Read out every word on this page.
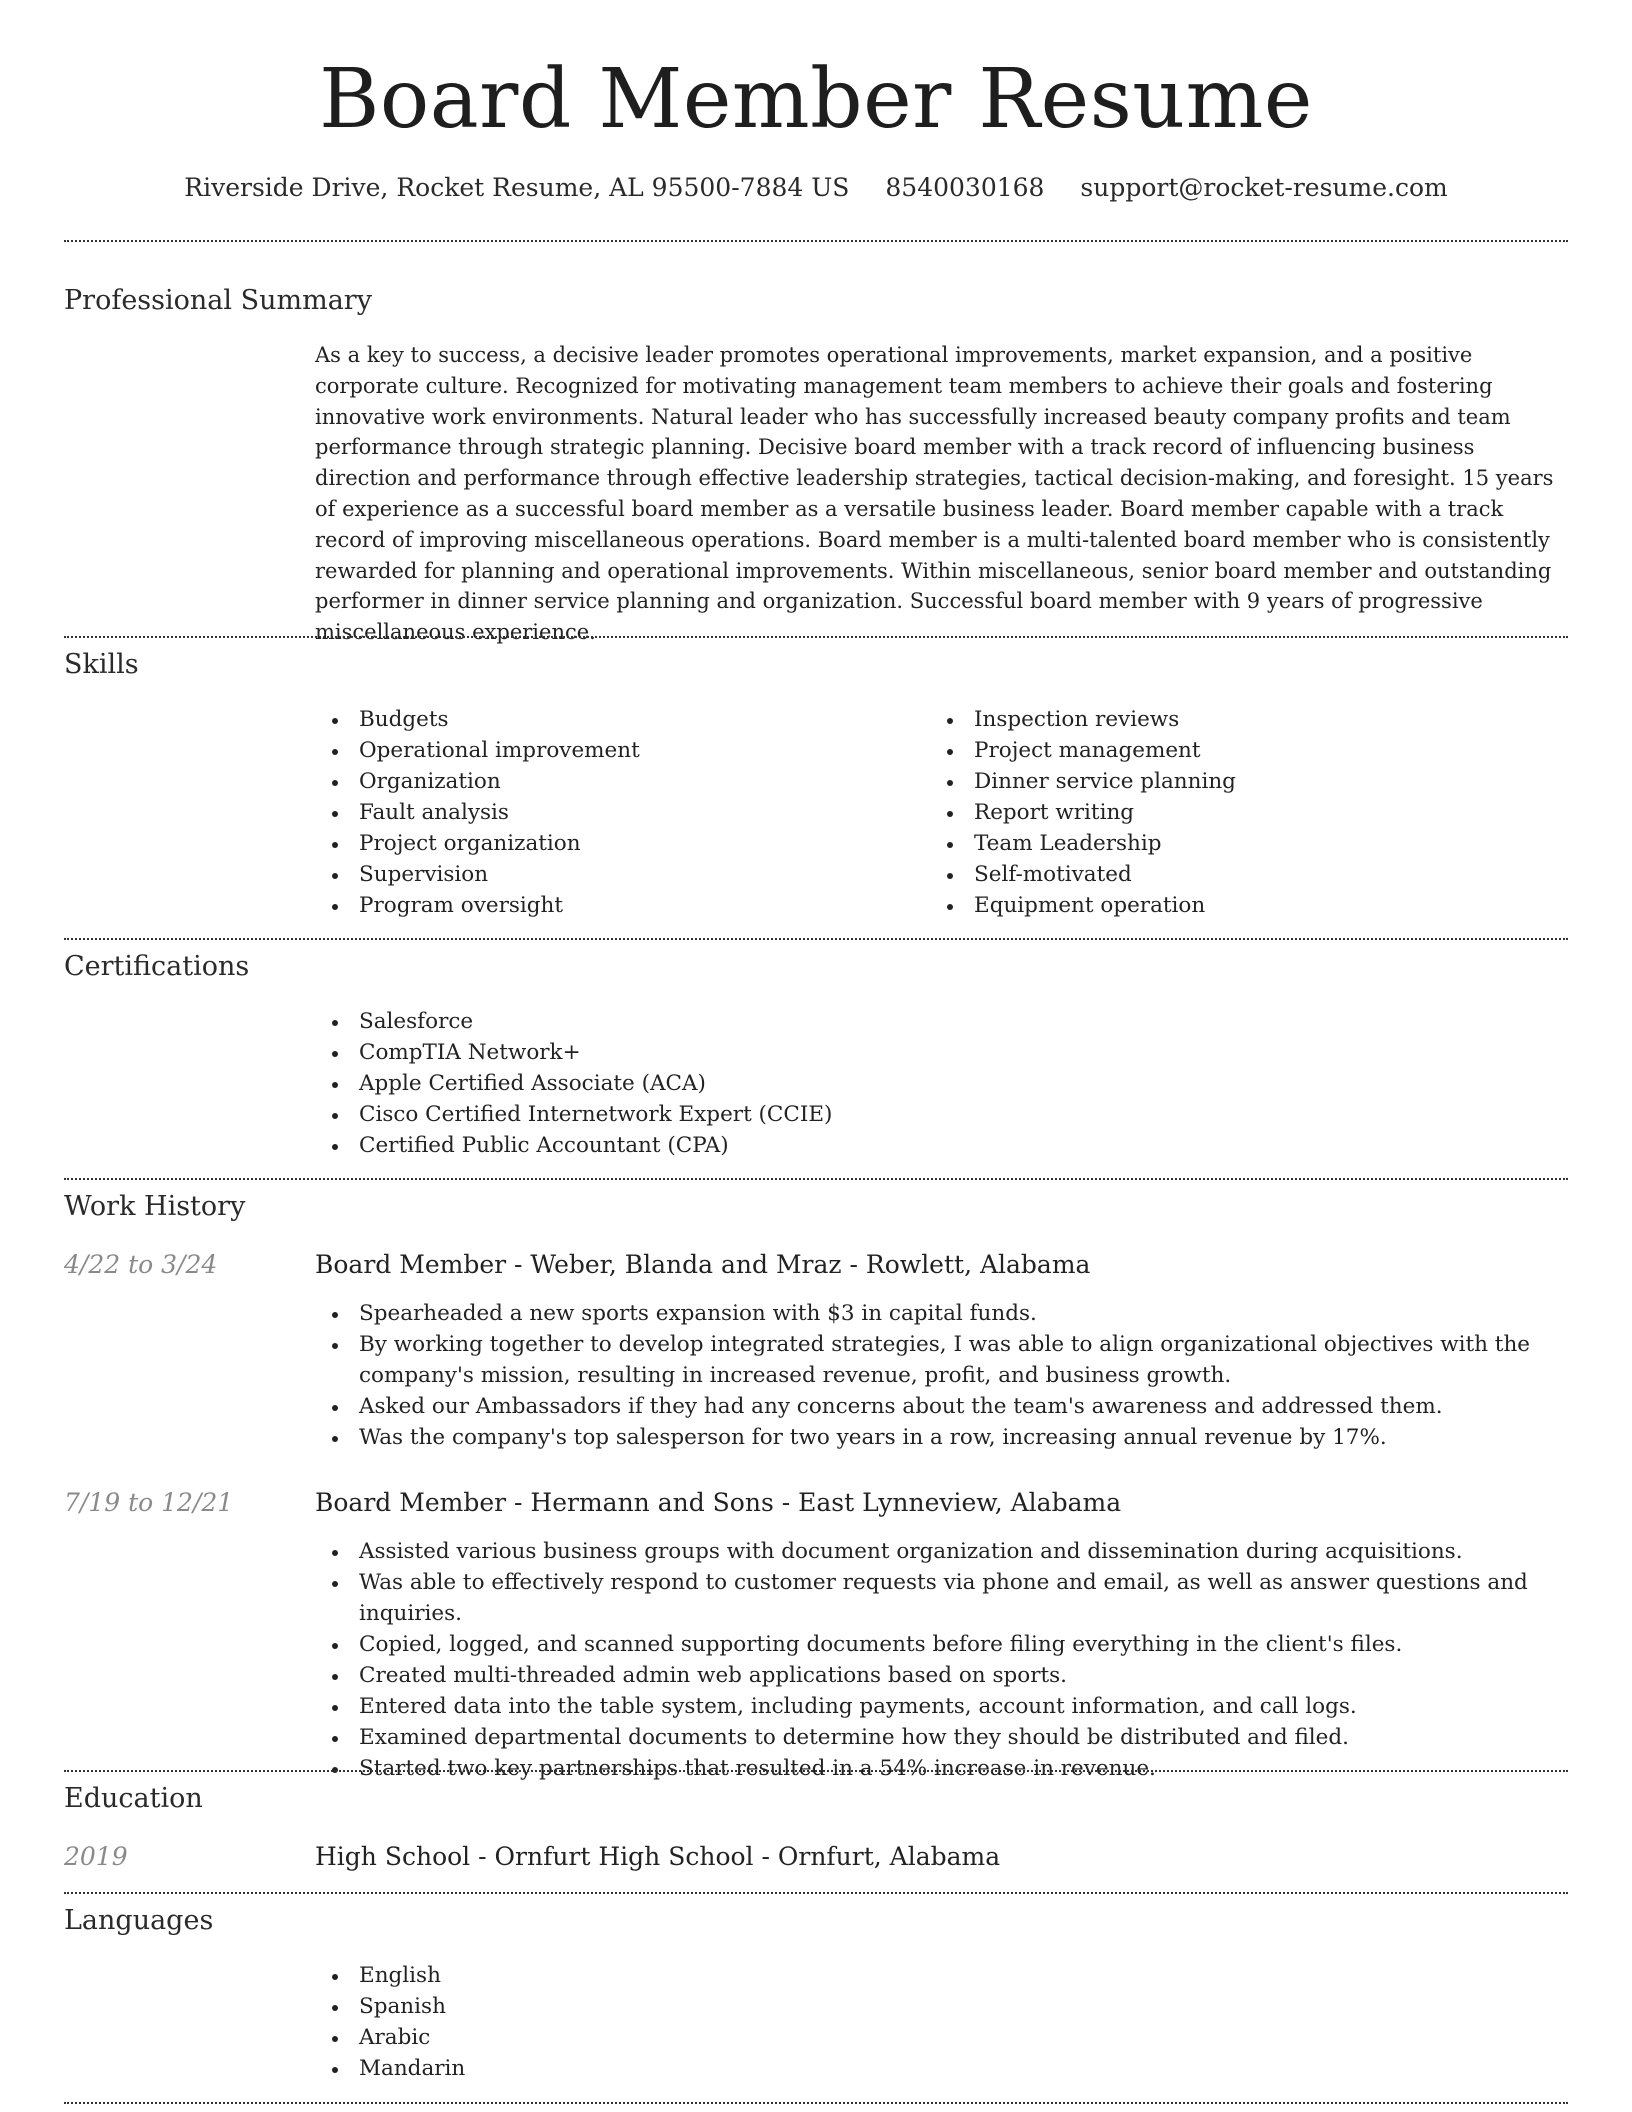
Board Member Resume
Riverside Drive, Rocket Resume, AL 95500-7884 US 8540030168 support@rocket-resume.com
Professional Summary

As a key to success, a decisive leader promotes operational improvements, market expansion, and a positive corporate culture. Recognized for motivating management team members to achieve their goals and fostering innovative work environments. Natural leader who has successfully increased beauty company profits and team performance through strategic planning. Decisive board member with a track record of influencing business direction and performance through effective leadership strategies, tactical decision-making, and foresight. 15 years of experience as a successful board member as a versatile business leader. Board member capable with a track record of improving miscellaneous operations. Board member is a multi-talented board member who is consistently rewarded for planning and operational improvements. Within miscellaneous, senior board member and outstanding performer in dinner service planning and organization. Successful board member with 9 years of progressive miscellaneous experience.

Skills
Budgets
Operational improvement
Organization
Fault analysis
Project organization
Supervision
Program oversight
Inspection reviews
Project management
Dinner service planning
Report writing
Team Leadership
Self-motivated
Equipment operation
Certifications
Salesforce
CompTIA Network+
Apple Certified Associate (ACA)
Cisco Certified Internetwork Expert (CCIE)
Certified Public Accountant (CPA)
Work History
4/22 to 3/24	Board Member - Weber, Blanda and Mraz - Rowlett, Alabama
Spearheaded a new sports expansion with $3 in capital funds.
By working together to develop integrated strategies, I was able to align organizational objectives with the company's mission, resulting in increased revenue, profit, and business growth.
Asked our Ambassadors if they had any concerns about the team's awareness and addressed them.
Was the company's top salesperson for two years in a row, increasing annual revenue by 17%.
7/19 to 12/21	Board Member - Hermann and Sons - East Lynneview, Alabama
Assisted various business groups with document organization and dissemination during acquisitions.
Was able to effectively respond to customer requests via phone and email, as well as answer questions and inquiries.
Copied, logged, and scanned supporting documents before filing everything in the client's files.
Created multi-threaded admin web applications based on sports.
Entered data into the table system, including payments, account information, and call logs.
Examined departmental documents to determine how they should be distributed and filed.
Started two key partnerships that resulted in a 54% increase in revenue.
Education
2019	High School - Ornfurt High School - Ornfurt, Alabama
Languages
English
Spanish
Arabic
Mandarin
